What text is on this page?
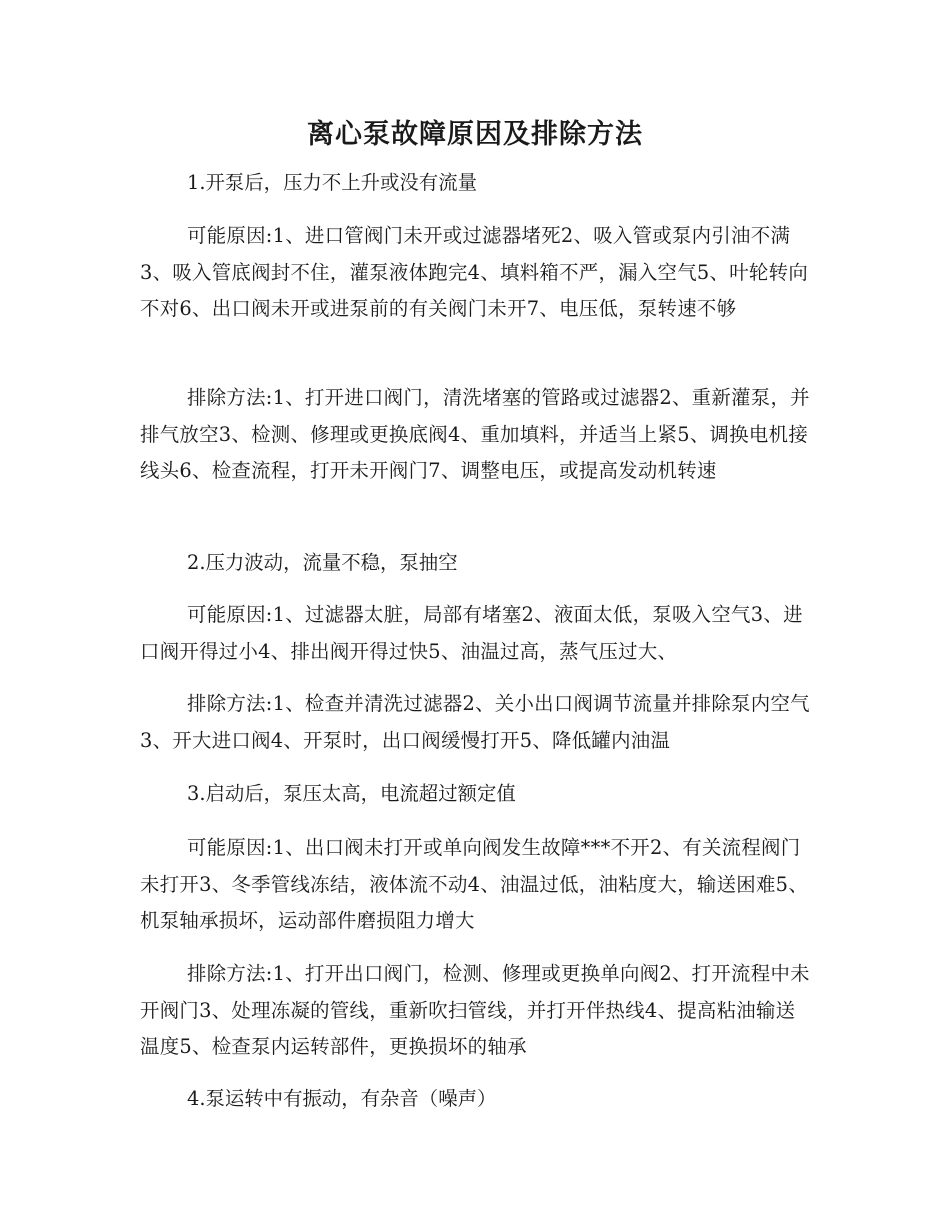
离心泵故障原因及排除方法

1.开泵后，压力不上升或没有流量

可能原因:1、进口管阀门未开或过滤器堵死2、吸入管或泵内引油不满3、吸入管底阀封不住，灌泵液体跑完4、填料箱不严，漏入空气5、叶轮转向不对6、出口阀未开或进泵前的有关阀门未开7、电压低，泵转速不够

排除方法:1、打开进口阀门，清洗堵塞的管路或过滤器2、重新灌泵，并排气放空3、检测、修理或更换底阀4、重加填料，并适当上紧5、调换电机接线头6、检查流程，打开未开阀门7、调整电压，或提高发动机转速

2.压力波动，流量不稳，泵抽空

可能原因:1、过滤器太脏，局部有堵塞2、液面太低，泵吸入空气3、进口阀开得过小4、排出阀开得过快5、油温过高，蒸气压过大、

排除方法:1、检查并清洗过滤器2、关小出口阀调节流量并排除泵内空气3、开大进口阀4、开泵时，出口阀缓慢打开5、降低罐内油温

3.启动后，泵压太高，电流超过额定值

可能原因:1、出口阀未打开或单向阀发生故障***不开2、有关流程阀门未打开3、冬季管线冻结，液体流不动4、油温过低，油粘度大，输送困难5、机泵轴承损坏，运动部件磨损阻力增大

排除方法:1、打开出口阀门，检测、修理或更换单向阀2、打开流程中未开阀门3、处理冻凝的管线，重新吹扫管线，并打开伴热线4、提高粘油输送温度5、检查泵内运转部件，更换损坏的轴承

4.泵运转中有振动，有杂音（噪声）
